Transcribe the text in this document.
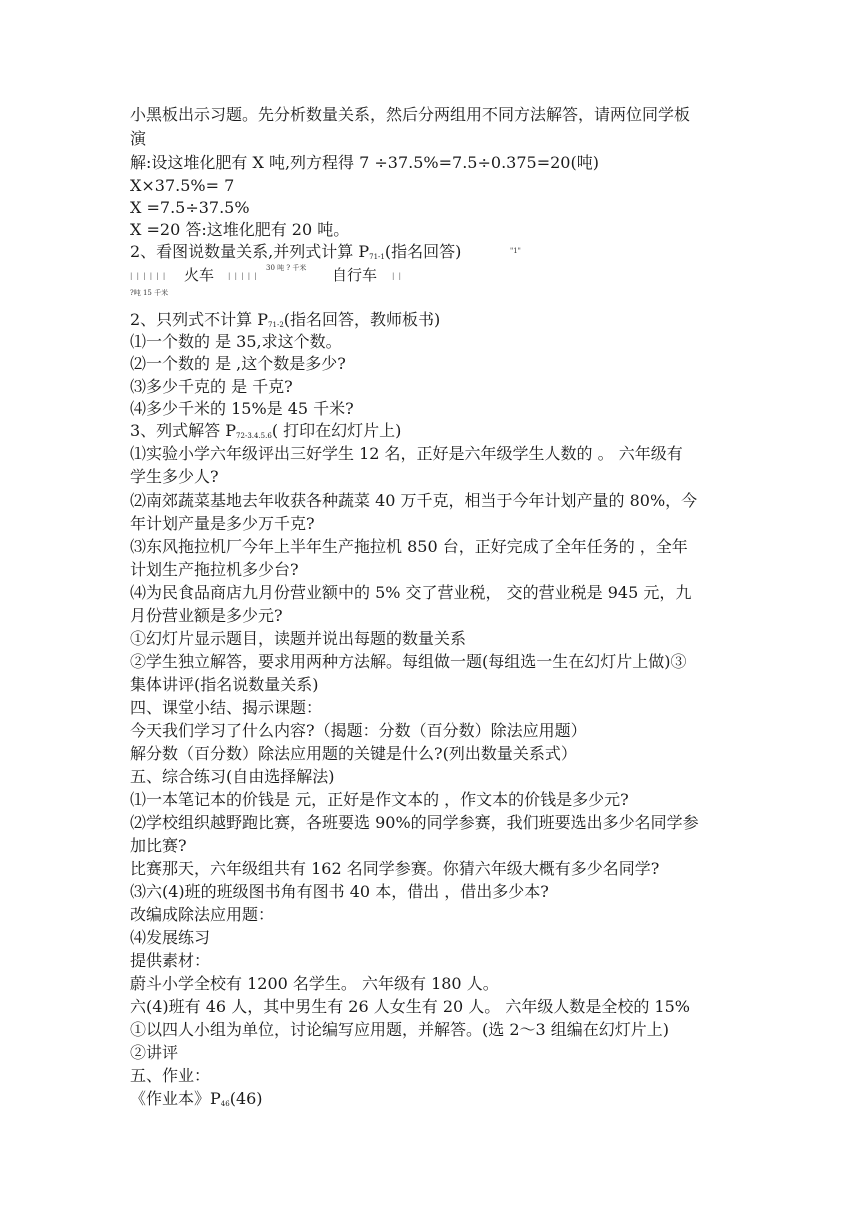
小黑板出示习题。先分析数量关系，然后分两组用不同方法解答，请两位同学板
演
解:设这堆化肥有 X 吨,列方程得 7 ÷37.5%=7.5÷0.375=20(吨)
X×37.5%= 7
X =7.5÷37.5%
X =20 答:这堆化肥有 20 吨。
2、看图说数量关系,并列式计算 $P_{71-1}$(指名回答)	"1"
| | | | | | 火车 | | | | |
30 吨 ? 千米 自行车 | |
?吨 15 千米
2、只列式不计算 $P_{71-2}$(指名回答，教师板书)
⑴一个数的 是 35,求这个数。
⑵一个数的 是 ,这个数是多少?
⑶多少千克的 是 千克?
⑷多少千米的 15%是 45 千米?
3、列式解答 $P_{72-3.4.5.6}$( 打印在幻灯片上)
⑴实验小学六年级评出三好学生 12 名，正好是六年级学生人数的 。 六年级有
学生多少人?
⑵南郊蔬菜基地去年收获各种蔬菜 40 万千克，相当于今年计划产量的 80%，今
年计划产量是多少万千克?
⑶东风拖拉机厂今年上半年生产拖拉机 850 台，正好完成了全年任务的 ，全年
计划生产拖拉机多少台?
⑷为民食品商店九月份营业额中的 5% 交了营业税， 交的营业税是 945 元，九
月份营业额是多少元?
①幻灯片显示题目，读题并说出每题的数量关系
②学生独立解答，要求用两种方法解。每组做一题(每组选一生在幻灯片上做)③
集体讲评(指名说数量关系)
四、课堂小结、揭示课题：
今天我们学习了什么内容?（揭题：分数（百分数）除法应用题）
解分数（百分数）除法应用题的关键是什么?(列出数量关系式）
五、综合练习(自由选择解法)
⑴一本笔记本的价钱是 元，正好是作文本的 ，作文本的价钱是多少元?
⑵学校组织越野跑比赛，各班要选 90%的同学参赛，我们班要选出多少名同学参
加比赛?
比赛那天，六年级组共有 162 名同学参赛。你猜六年级大概有多少名同学?
⑶六(4)班的班级图书角有图书 40 本，借出 ，借出多少本?
改编成除法应用题：
⑷发展练习
提供素材：
蔚斗小学全校有 1200 名学生。 六年级有 180 人。
六(4)班有 46 人，其中男生有 26 人女生有 20 人。 六年级人数是全校的 15%
①以四人小组为单位，讨论编写应用题，并解答。(选 2～3 组编在幻灯片上)
②讲评
五、作业：
《作业本》$P_{46}(46)$
